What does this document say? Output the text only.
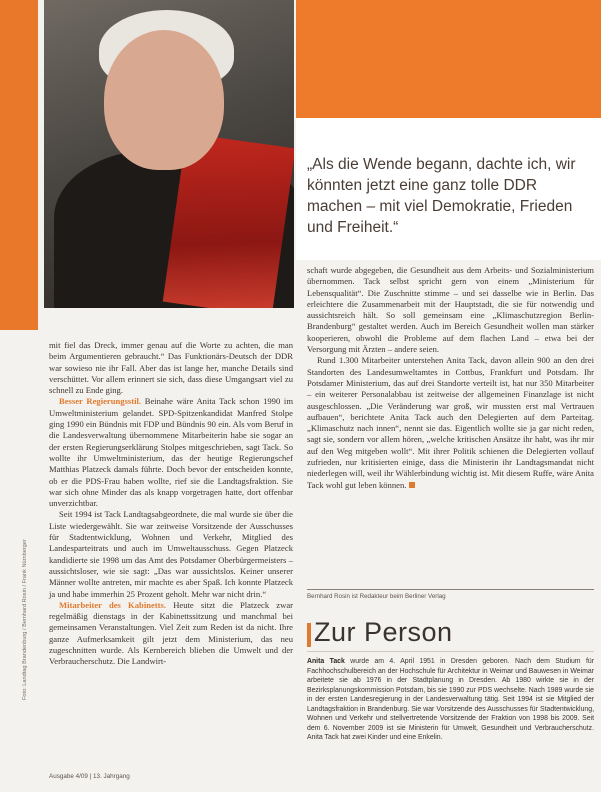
„Als die Wende begann, dachte ich, wir könnten jetzt eine ganz tolle DDR machen – mit viel Demokratie, Frieden und Freiheit.“

mit fiel das Dreck, immer genau auf die Worte zu achten, die man beim Argumentieren gebraucht.“ Das Funktionärs-Deutsch der DDR war sowieso nie ihr Fall. Aber das ist lange her, manche Details sind verschüttet. Vor allem erinnert sie sich, dass diese Umgangsart viel zu schnell zu Ende ging.

Besser Regierungsstil. Beinahe wäre Anita Tack schon 1990 im Umweltministerium gelandet. SPD-Spitzenkandidat Manfred Stolpe ging 1990 ein Bündnis mit FDP und Bündnis 90 ein. Als vom Beruf in die Landesverwaltung übernommene Mitarbeiterin habe sie sogar an der ersten Regierungserklärung Stolpes mitgeschrieben, sagt Tack. So wollte ihr Umweltministerium, das der heutige Regierungschef Matthias Platzeck damals führte. Doch bevor der entscheiden konnte, ob er die PDS-Frau haben wollte, rief sie die Landtagsfraktion. Sie war sich ohne Minder das als knapp vorgetragen hatte, dort offenbar unverzichtbar.

Seit 1994 ist Tack Landtagsabgeordnete, die mal wurde sie über die Liste wiedergewählt. Sie war zeitweise Vorsitzende der Ausschusses für Stadtentwicklung, Wohnen und Verkehr, Mitglied des Landesparteitrats und auch im Umweltausschuss. Gegen Platzeck kandidierte sie 1998 um das Amt des Potsdamer Oberbürgermeisters – aussichtsloser, wie sie sagt: „Das war aussichtslos. Keiner unserer Männer wollte antreten, mir machte es aber Spaß. Ich konnte Platzeck ja und habe immerhin 25 Prozent geholt. Mehr war nicht drin.“

Mitarbeiter des Kabinetts. Heute sitzt die Platzeck zwar regelmäßig dienstags in der Kabinettssitzung und manchmal bei gemeinsamen Veranstaltungen. Viel Zeit zum Reden ist da nicht. Ihre ganze Aufmerksamkeit gilt jetzt dem Ministerium, das neu zugeschnitten wurde. Als Kernbereich blieben die Umwelt und der Verbraucherschutz. Die Landwirt-

schaft wurde abgegeben, die Gesundheit aus dem Arbeits- und Sozialministerium übernommen. Tack selbst spricht gern von einem „Ministerium für Lebensqualität“. Die Zuschnitte stimme – und sei dasselbe wie in Berlin. Das erleichtere die Zusammenarbeit mit der Hauptstadt, die sie für notwendig und aussichtsreich hält. So soll gemeinsam eine „Klimaschutzregion Berlin-Brandenburg“ gestaltet werden. Auch im Bereich Gesundheit wollen man stärker kooperieren, obwohl die Probleme auf dem flachen Land – etwa bei der Versorgung mit Ärzten – andere seien.

Rund 1.300 Mitarbeiter unterstehen Anita Tack, davon allein 900 an den drei Standorten des Landesumweltamtes in Cottbus, Frankfurt und Potsdam. Ihr Potsdamer Ministerium, das auf drei Standorte verteilt ist, hat nur 350 Mitarbeiter – ein weiterer Personalabbau ist zeitweise der allgemeinen Finanzlage ist nicht ausgeschlossen. „Die Veränderung war groß, wir mussten erst mal Vertrauen aufbauen“, berichtete Anita Tack auch den Delegierten auf dem Parteitag. „Klimaschutz nach innen“, nennt sie das. Eigentlich wollte sie ja gar nicht reden, sagt sie, sondern vor allem hören, „welche kritischen Ansätze ihr habt, was ihr mir auf den Weg mitgeben wollt“. Mit ihrer Politik schienen die Delegierten vollauf zufrieden, nur kritisierten einige, dass die Ministerin ihr Landtagsmandat nicht niederlegen will, weil ihr Wählerbindung wichtig ist. Mit diesem Ruffe, wäre Anita Tack wohl gut leben können.

Bernhard Rosin ist Redakteur beim Berliner Verlag
Zur Person
Anita Tack wurde am 4. April 1951 in Dresden geboren. Nach dem Studium für Fachhochschulbereich an der Hochschule für Architektur in Weimar und Bauwesen in Weimar arbeitete sie ab 1976 in der Stadtplanung in Dresden. Ab 1980 wirkte sie in der Bezirksplanungskommission Potsdam, bis sie 1990 zur PDS wechselte. Nach 1989 wurde sie in der ersten Landesregierung in der Landesverwaltung tätig. Seit 1994 ist sie Mitglied der Landtagsfraktion in Brandenburg. Sie war Vorsitzende des Ausschusses für Stadtentwicklung, Wohnen und Verkehr und stellvertretende Vorsitzende der Fraktion von 1998 bis 2009. Seit dem 6. November 2009 ist sie Ministerin für Umwelt, Gesundheit und Verbraucherschutz. Anita Tack hat zwei Kinder und eine Enkelin.
Foto: Landtag Brandenburg / Bernhard Rosin / Frank Nürnberger
Ausgabe 4/09 | 13. Jahrgang
